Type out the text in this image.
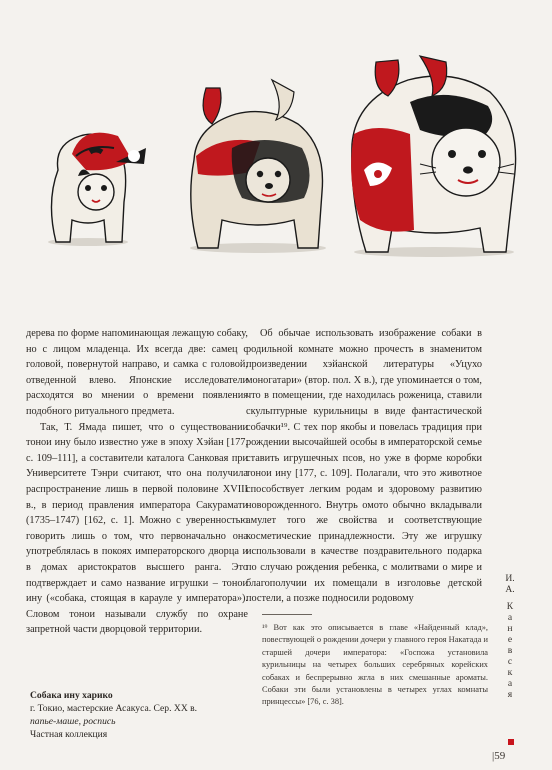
дерева по форме напоминающая лежащую собаку, но с лицом младенца. Их всегда две: самец с головой, повернутой направо, и самка с головой, отведенной влево. Японские исследователи расходятся во мнении о времени появления подобного ритуального предмета.

Так, Т. Ямада пишет, что о существовании тонои ину было известно уже в эпоху Хэйан [177, с. 109–111], а составители каталога Санковая при Университете Тэнри считают, что она получила распространение лишь в первой половине XVIII в., в период правления императора Сакурамати (1735–1747) [162, с. 1]. Можно с уверенностью говорить лишь о том, что первоначально она употреблялась в покоях императорского дворца и в домах аристократов высшего ранга. Это подтверждает и само название игрушки – тонои ину («собака, стоящая в карауле у императора»). Словом тонои называли службу по охране запретной части дворцовой территории.

Об обычае использовать изображение собаки в родильной комнате можно прочесть в знаменитом произведении хэйанской литературы «Уцухо моногатари» (втор. пол. X в.), где упоминается о том, что в помещении, где находилась роженица, ставили скульптурные курильницы в виде фантастической собачки¹⁹. С тех пор якобы и повелась традиция при рождении высочайшей особы в императорской семье ставить игрушечных псов, но уже в форме коробки тонои ину [177, с. 109]. Полагали, что это животное способствует легким родам и здоровому развитию новорожденного. Внутрь омото обычно вкладывали амулет того же свойства и соответствующие косметические принадлежности. Эту же игрушку использовали в качестве поздравительного подарка по случаю рождения ребенка, с молитвами о мире и благополучии их помещали в изголовье детской постели, а позже подносили родовому

¹⁹ Вот как это описывается в главе «Найденный клад», повествующей о рождении дочери у главного героя Накатада и старшей дочери императора: «Госпожа установила курильницы на четырех больших серебряных корейских собаках и беспрерывно жгла в них смешанные ароматы. Собаки эти были установлены в четырех углах комнаты принцессы» [76, с. 38].
Собака ину харико
г. Токио, мастерские Асакуса. Сер. XX в.
папье-маше, роспись
Частная коллекция
И.
А.
К
а
н
е
в
с
к
а
я
|59
